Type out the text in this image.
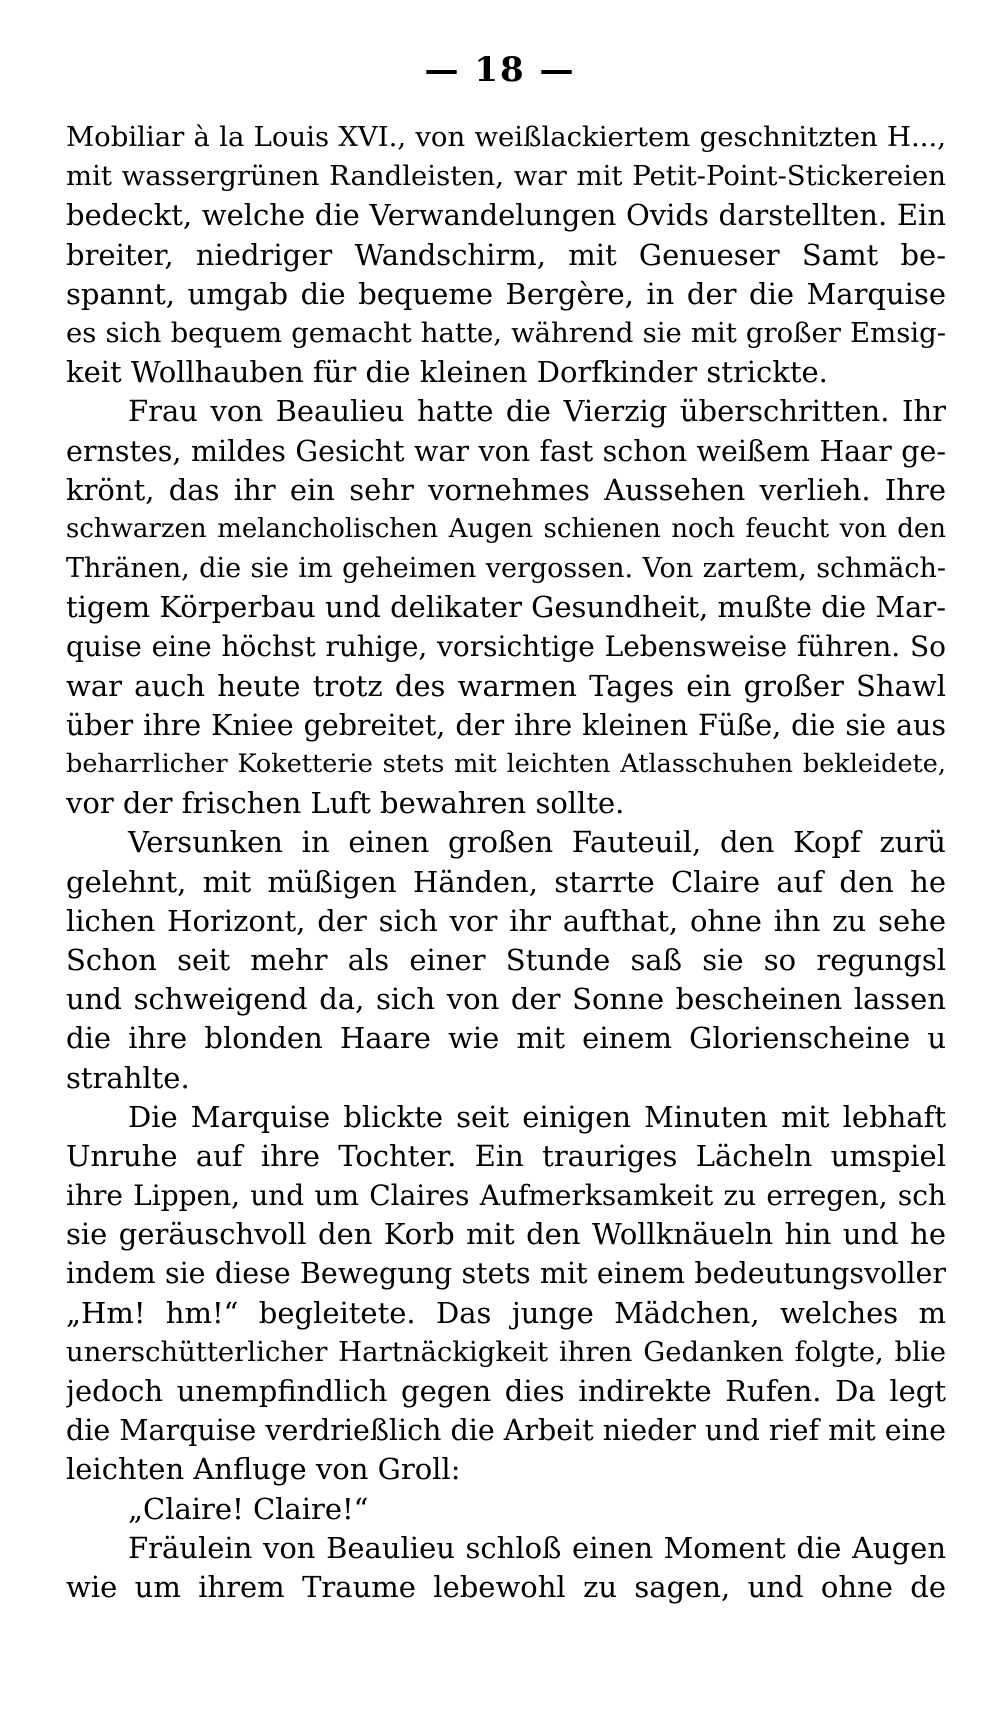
— 18 —
Mobiliar à la Louis XVI., von weißlackiertem geschnitzten H...,
mit wassergrünen Randleisten, war mit Petit-Point-Stickereien
bedeckt, welche die Verwandelungen Ovids darstellten. Ein
breiter, niedriger Wandschirm, mit Genueser Samt be-
spannt, umgab die bequeme Bergère, in der die Marquise
es sich bequem gemacht hatte, während sie mit großer Emsig-
keit Wollhauben für die kleinen Dorfkinder strickte.
Frau von Beaulieu hatte die Vierzig überschritten. Ihr
ernstes, mildes Gesicht war von fast schon weißem Haar ge-
krönt, das ihr ein sehr vornehmes Aussehen verlieh. Ihre
schwarzen melancholischen Augen schienen noch feucht von den
Thränen, die sie im geheimen vergossen. Von zartem, schmäch-
tigem Körperbau und delikater Gesundheit, mußte die Mar-
quise eine höchst ruhige, vorsichtige Lebensweise führen. So
war auch heute trotz des warmen Tages ein großer Shawl
über ihre Kniee gebreitet, der ihre kleinen Füße, die sie aus
beharrlicher Koketterie stets mit leichten Atlasschuhen bekleidete,
vor der frischen Luft bewahren sollte.
Versunken in einen großen Fauteuil, den Kopf zurü
gelehnt, mit müßigen Händen, starrte Claire auf den he
lichen Horizont, der sich vor ihr aufthat, ohne ihn zu sehe
Schon seit mehr als einer Stunde saß sie so regungsl
und schweigend da, sich von der Sonne bescheinen lassen
die ihre blonden Haare wie mit einem Glorienscheine u
strahlte.
Die Marquise blickte seit einigen Minuten mit lebhaft
Unruhe auf ihre Tochter. Ein trauriges Lächeln umspiel
ihre Lippen, und um Claires Aufmerksamkeit zu erregen, sch
sie geräuschvoll den Korb mit den Wollknäueln hin und he
indem sie diese Bewegung stets mit einem bedeutungsvoller
„Hm! hm!“ begleitete. Das junge Mädchen, welches m
unerschütterlicher Hartnäckigkeit ihren Gedanken folgte, blie
jedoch unempfindlich gegen dies indirekte Rufen. Da legt
die Marquise verdrießlich die Arbeit nieder und rief mit eine
leichten Anfluge von Groll:
„Claire! Claire!“
Fräulein von Beaulieu schloß einen Moment die Augen
wie um ihrem Traume lebewohl zu sagen, und ohne de
